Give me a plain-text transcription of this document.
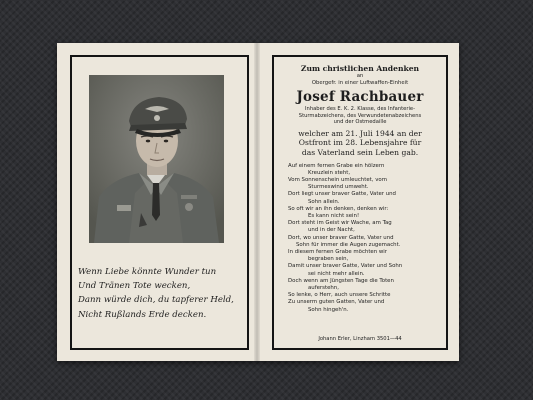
Wenn Liebe könnte Wunder tun
Und Tränen Tote wecken,
Dann würde dich, du tapferer Held,
Nicht Rußlands Erde decken.
Zum christlichen Andenken
an
Obergefr. in einer Luftwaffen-Einheit
Josef Rachbauer
Inhaber des E. K. 2. Klasse, des Infanterie-
Sturmabzeichens, des Verwundetenabzeichens
und der Ostmedaille
welcher am 21. Juli 1944 an der
Ostfront im 28. Lebensjahre für
das Vaterland sein Leben gab.
Auf einem fernen Grabe ein hölzern
Kreuzlein steht,
Vom Sonnenschein umleuchtet, vom
Sturmeswind umweht.
Dort liegt unser braver Gatte, Vater und
Sohn allein.
So oft wir an ihn denken, denken wir:
Es kann nicht sein!
Dort steht im Geist wir Wache, am Tag
und in der Nacht,
Dort, wo unser braver Gatte, Vater und
Sohn für immer die Augen zugemacht.
In diesem fernen Grabe möchten wir
begraben sein,
Damit unser braver Gatte, Vater und Sohn
sei nicht mehr allein.
Doch wenn am Jüngsten Tage die Toten
auferstehn,
So lenke, o Herr, auch unsere Schritte
Zu unserm guten Gatten, Vater und
Sohn hingeh'n.
Johann Erler, Linzham 3501—44
